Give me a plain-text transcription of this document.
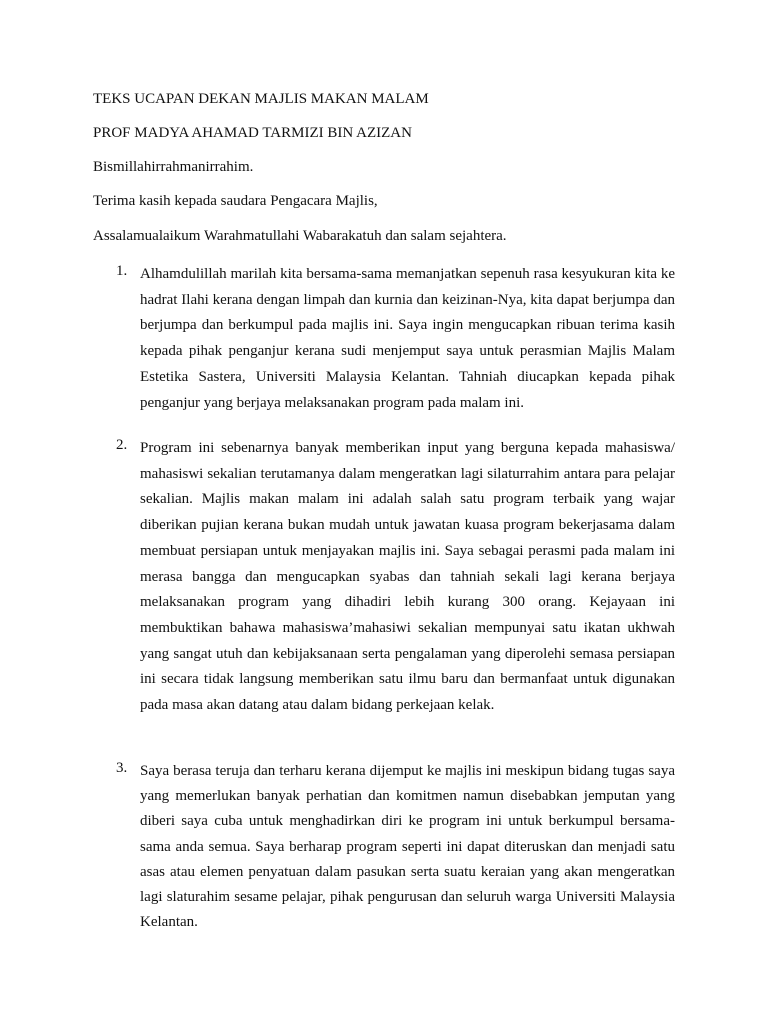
TEKS UCAPAN DEKAN MAJLIS MAKAN MALAM
PROF MADYA AHAMAD TARMIZI BIN AZIZAN
Bismillahirrahmanirrahim.
Terima kasih kepada saudara Pengacara Majlis,
Assalamualaikum Warahmatullahi Wabarakatuh dan salam sejahtera.
1. Alhamdulillah marilah kita bersama-sama memanjatkan sepenuh rasa kesyukuran kita ke hadrat Ilahi kerana dengan limpah dan kurnia dan keizinan-Nya, kita dapat berjumpa dan berjumpa dan berkumpul pada majlis ini. Saya ingin mengucapkan ribuan terima kasih kepada pihak penganjur kerana sudi menjemput saya untuk perasmian Majlis Malam Estetika Sastera, Universiti Malaysia Kelantan. Tahniah diucapkan kepada pihak penganjur yang berjaya melaksanakan program pada malam ini.

2. Program ini sebenarnya banyak memberikan input yang berguna kepada mahasiswa/ mahasiswi sekalian terutamanya dalam mengeratkan lagi silaturrahim antara para pelajar sekalian. Majlis makan malam ini adalah salah satu program terbaik yang wajar diberikan pujian kerana bukan mudah untuk jawatan kuasa program bekerjasama dalam membuat persiapan untuk menjayakan majlis ini. Saya sebagai perasmi pada malam ini merasa bangga dan mengucapkan syabas dan tahniah sekali lagi kerana berjaya melaksanakan program yang dihadiri lebih kurang 300 orang. Kejayaan ini membuktikan bahawa mahasiswa’mahasiwi sekalian mempunyai satu ikatan ukhwah yang sangat utuh dan kebijaksanaan serta pengalaman yang diperolehi semasa persiapan ini secara tidak langsung memberikan satu ilmu baru dan bermanfaat untuk digunakan pada masa akan datang atau dalam bidang perkejaan kelak.

3. Saya berasa teruja dan terharu kerana dijemput ke majlis ini meskipun bidang tugas saya yang memerlukan banyak perhatian dan komitmen namun disebabkan jemputan yang diberi saya cuba untuk menghadirkan diri ke program ini untuk berkumpul bersama-sama anda semua. Saya berharap program seperti ini dapat diteruskan dan menjadi satu asas atau elemen penyatuan dalam pasukan serta suatu keraian yang akan mengeratkan lagi slaturahim sesame pelajar, pihak pengurusan dan seluruh warga Universiti Malaysia Kelantan.
